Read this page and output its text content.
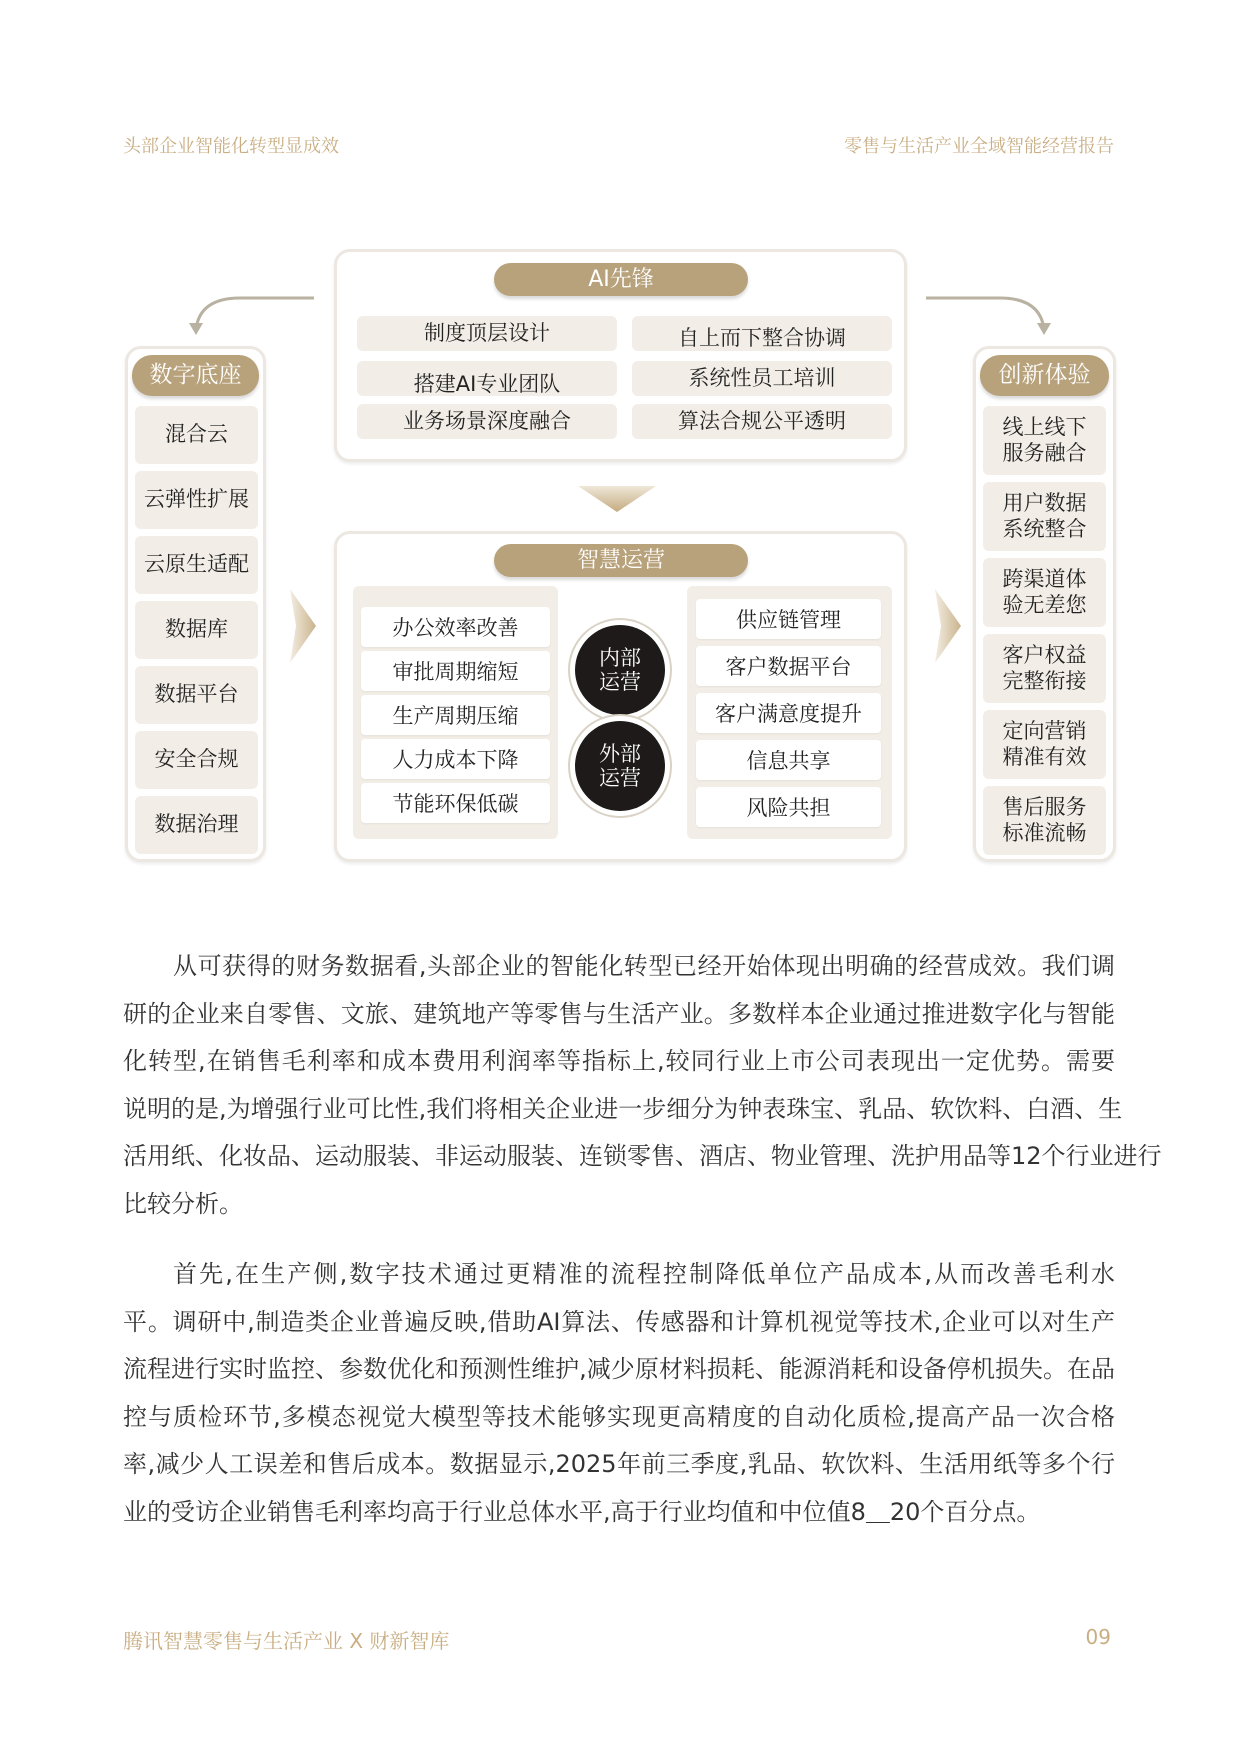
头部企业智能化转型显成效	零售与生活产业全域智能经营报告
AI先锋
制度顶层设计	自上而下整合协调
搭建AI专业团队	系统性员工培训
业务场景深度融合	算法合规公平透明
数字底座
混合云
云弹性扩展
云原生适配
数据库
数据平台
安全合规
数据治理
创新体验
线上线下
服务融合
用户数据
系统整合
跨渠道体
验无差您
客户权益
完整衔接
定向营销
精准有效
售后服务
标准流畅
智慧运营
办公效率改善
审批周期缩短
生产周期压缩
人力成本下降
节能环保低碳
供应链管理
客户数据平台
客户满意度提升
信息共享
风险共担
内部
运营
外部
运营
从可获得的财务数据看,头部企业的智能化转型已经开始体现出明确的经营成效。我们调
研的企业来自零售、文旅、建筑地产等零售与生活产业。多数样本企业通过推进数字化与智能
化转型,在销售毛利率和成本费用利润率等指标上,较同行业上市公司表现出一定优势。需要
说明的是,为增强行业可比性,我们将相关企业进一步细分为钟表珠宝、乳品、软饮料、白酒、生
活用纸、化妆品、运动服装、非运动服装、连锁零售、酒店、物业管理、洗护用品等12个行业进行
比较分析。
首先,在生产侧,数字技术通过更精准的流程控制降低单位产品成本,从而改善毛利水
平。调研中,制造类企业普遍反映,借助AI算法、传感器和计算机视觉等技术,企业可以对生产
流程进行实时监控、参数优化和预测性维护,减少原材料损耗、能源消耗和设备停机损失。在品
控与质检环节,多模态视觉大模型等技术能够实现更高精度的自动化质检,提高产品一次合格
率,减少人工误差和售后成本。数据显示,2025年前三季度,乳品、软饮料、生活用纸等多个行
业的受访企业销售毛利率均高于行业总体水平,高于行业均值和中位值8＿20个百分点。
腾讯智慧零售与生活产业 X 财新智库	09
